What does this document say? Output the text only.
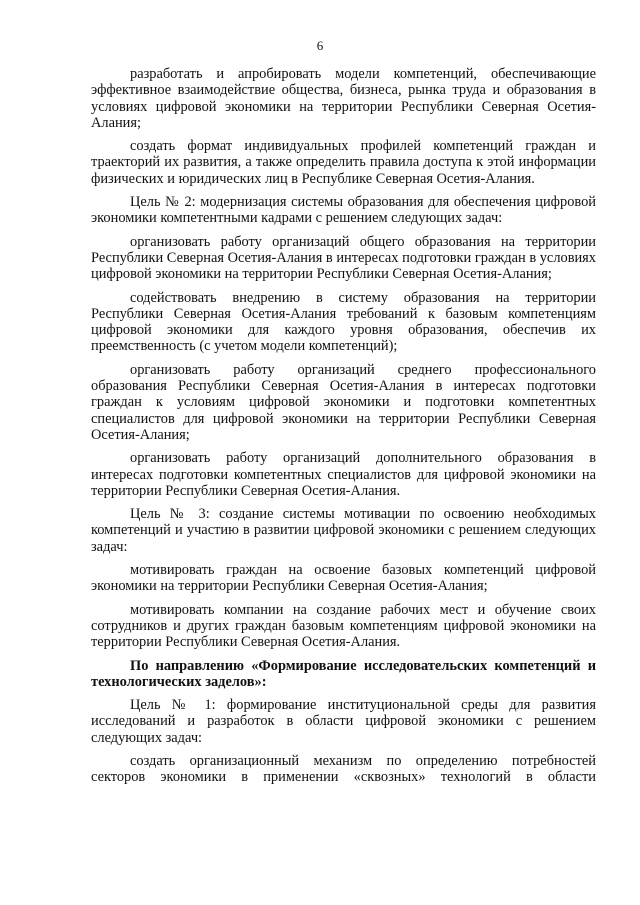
6

разработать и апробировать модели компетенций, обеспечивающие эффективное взаимодействие общества, бизнеса, рынка труда и образования в условиях цифровой экономики на территории Республики Северная Осетия-Алания;

создать формат индивидуальных профилей компетенций граждан и траекторий их развития, а также определить правила доступа к этой информации физических и юридических лиц в Республике Северная Осетия-Алания.

Цель № 2: модернизация системы образования для обеспечения цифровой экономики компетентными кадрами с решением следующих задач:

организовать работу организаций общего образования на территории Республики Северная Осетия-Алания в интересах подготовки граждан в условиях цифровой экономики на территории Республики Северная Осетия-Алания;

содействовать внедрению в систему образования на территории Республики Северная Осетия-Алания требований к базовым компетенциям цифровой экономики для каждого уровня образования, обеспечив их преемственность (с учетом модели компетенций);

организовать работу организаций среднего профессионального образования Республики Северная Осетия-Алания в интересах подготовки граждан к условиям цифровой экономики и подготовки компетентных специалистов для цифровой экономики на территории Республики Северная Осетия-Алания;

организовать работу организаций дополнительного образования в интересах подготовки компетентных специалистов для цифровой экономики на территории Республики Северная Осетия-Алания.

Цель № 3: создание системы мотивации по освоению необходимых компетенций и участию в развитии цифровой экономики с решением следующих задач:

мотивировать граждан на освоение базовых компетенций цифровой экономики на территории Республики Северная Осетия-Алания;

мотивировать компании на создание рабочих мест и обучение своих сотрудников и других граждан базовым компетенциям цифровой экономики на территории Республики Северная Осетия-Алания.

По направлению «Формирование исследовательских компетенций и технологических заделов»:

Цель № 1: формирование институциональной среды для развития исследований и разработок в области цифровой экономики с решением следующих задач:

создать организационный механизм по определению потребностей секторов экономики в применении «сквозных» технологий в области
